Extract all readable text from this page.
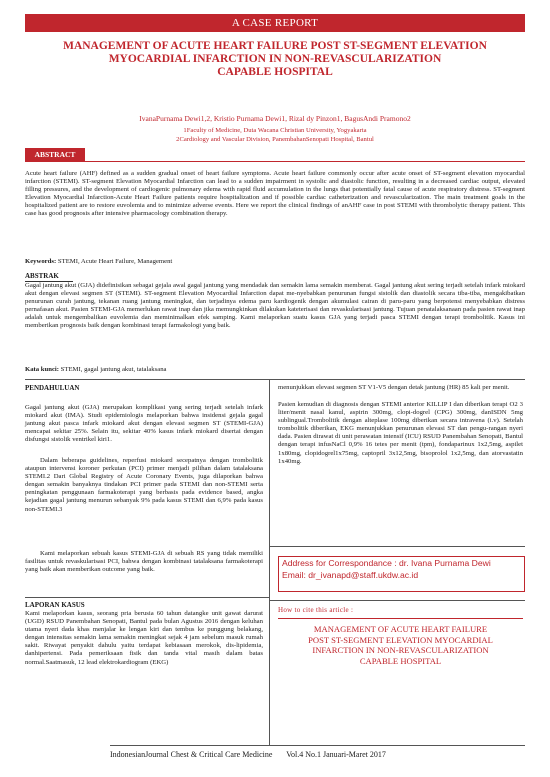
A CASE REPORT
MANAGEMENT OF ACUTE HEART FAILURE POST ST-SEGMENT ELEVATION
MYOCARDIAL INFARCTION IN NON-REVASCULARIZATION
CAPABLE HOSPITAL
IvanaPurnama Dewi1,2, Kristio Purnama Dewi1, Rizal dy Pinzon1, BagusAndi Pramono2
1Faculty of Medicine, Duta Wacana Christian University, Yogyakarta
2Cardiology and Vascular Division, PanembahanSenopati Hospital, Bantul
ABSTRACT
Acute heart failure (AHF) defined as a sudden gradual onset of heart failure symptoms. Acute heart failure commonly occur after acute onset of ST-segment elevation myocardial infarction (STEMI). ST-segment Elevation Myocardial Infarction can lead to a sudden impairment in systolic and diastolic function, resulting in a decreased cardiac output, elevated filling pressures, and the development of cardiogenic pulmonary edema with rapid fluid accumulation in the lungs that potentially fatal cause of acute respiratory distress. ST-segment Elevation Myocardial Infarction-Acute Heart Failure patients require hospitalization and if possible cardiac catheterization and revascularization. The main treatment goals in the hospitalized patient are to restore euvolemia and to minimize adverse events. Here we report the clinical findings of anAHF case in post STEMI with thrombolytic therapy patient. This case has good prognosis after intensive pharmacology combination therapy.
Keywords: STEMI, Acute Heart Failure, Management
ABSTRAK
Gagal jantung akut (GJA) didefinisikan sebagai gejala awal gagal jantung yang mendadak dan semakin lama semakin memberat. Gagal jantung akut sering terjadi setelah infark miokard akut dengan elevasi segmen ST (STEMI). ST-segment Elevation Myocardial Infarction dapat me-nyebabkan penurunan fungsi sistolik dan diastolik secara tiba-tiba, mengakibatkan penurunan curah jantung, tekanan ruang jantung meningkat, dan terjadinya edema paru kardiogenik dengan akumulasi cairan di paru-paru yang berpotensi menyebabkan distress pernafasan akut. Pasien STEMI-GJA memerlukan rawat inap dan jika memungkinkan dilakukan kateterisasi dan revaskularisasi jantung. Tujuan penatalaksanaan pada pasien rawat inap adalah untuk mengembalikan euvolemia dan meminimalkan efek samping. Kami melaporkan suatu kasus GJA yang terjadi pasca STEMI dengan terapi trombolitik. Kasus ini memberikan prognosis baik dengan kombinasi terapi farmakologi yang baik.
Kata kunci: STEMI, gagal jantung akut, tatalaksana
PENDAHULUAN
Gagal jantung akut (GJA) merupakan komplikasi yang sering terjadi setelah infark miokard akut (IMA). Studi epidemiologis melaporkan bahwa insidensi gejala gagal jantung akut pasca infark miokard akut dengan elevasi segmen ST (STEMI-GJA) mencapai sekitar 25%. Selain itu, sekitar 40% kasus infark miokard disertai dengan disfungsi sistolik ventrikel kiri1.
Dalam beberapa guidelines, reperfusi miokard secepatnya dengan trombolitik ataupun intervensi koroner perkutan (PCI) primer menjadi pilihan dalam tatalaksana STEMI.2 Dari Global Registry of Acute Coronary Events, juga dilaporkan bahwa dengan semakin banyaknya tindakan PCI primer pada STEMI dan non-STEMI serta peningkatan penggunaan farmakoterapi yang berbasis pada evidence based, angka kejadian gagal jantung menurun sebanyak 9% pada kasus STEMI dan 6,9% pada kasus non-STEMI.3
Kami melaporkan sebuah kasus STEMI-GJA di sebuah RS yang tidak memiliki fasilitas untuk revaskularisasi PCI, bahwa dengan kombinasi tatalaksana farmakoterapi yang baik akan memberikan outcome yang baik.
LAPORAN KASUS
Kami melaporkan kasus, seorang pria berusia 60 tahun datangke unit gawat darurat (UGD) RSUD Panembahan Senopati, Bantul pada bulan Agustus 2016 dengan keluhan utama nyeri dada khas menjalar ke lengan kiri dan tembus ke punggung belakang, dengan intensitas semakin lama semakin meningkat sejak 4 jam sebelum masuk rumah sakit. Riwayat penyakit dahulu yaitu terdapat kebiasaan merokok, dis-lipidemia, danhipertensi. Pada pemeriksaan fisik dan tanda vital masih dalam batas normal.Saatmasuk, 12 lead elektrokardiogram (EKG)
menunjukkan elevasi segmen ST V1-V5 dengan detak jantung (HR) 85 kali per menit.
Pasien kemudian di diagnosis dengan STEMI anterior KILLIP I dan diberikan terapi O2 3 liter/menit nasal kanul, aspirin 300mg, clopi-dogrel (CPG) 300mg, danISDN 5mg sublingual.Trombolitik dengan alteplase 100mg diberikan secara intravena (i.v). Setelah trombolitik diberikan, EKG menunjukkan penurunan elevasi ST dan pengu-rangan nyeri dada. Pasien dirawat di unit perawatan intensif (ICU) RSUD Panembahan Senopati, Bantul dengan terapi infusNaCl 0,9% 16 tetes per menit (tpm), fondaparinux 1x2,5mg, aspilet 1x80mg, clopidogrel1x75mg, captopril 3x12,5mg, bisoprolol 1x2,5mg, dan atorvastatin 1x40mg.
Address for Correspondance : dr. Ivana Purnama Dewi
Email: dr_ivanapd@staff.ukdw.ac.id
How to cite this article :
MANAGEMENT OF ACUTE HEART FAILURE
POST ST-SEGMENT ELEVATION MYOCARDIAL
INFARCTION IN NON-REVASCULARIZATION
CAPABLE HOSPITAL
IndonesianJournal Chest & Critical Care Medicine Vol.4 No.1 Januari-Maret 2017
